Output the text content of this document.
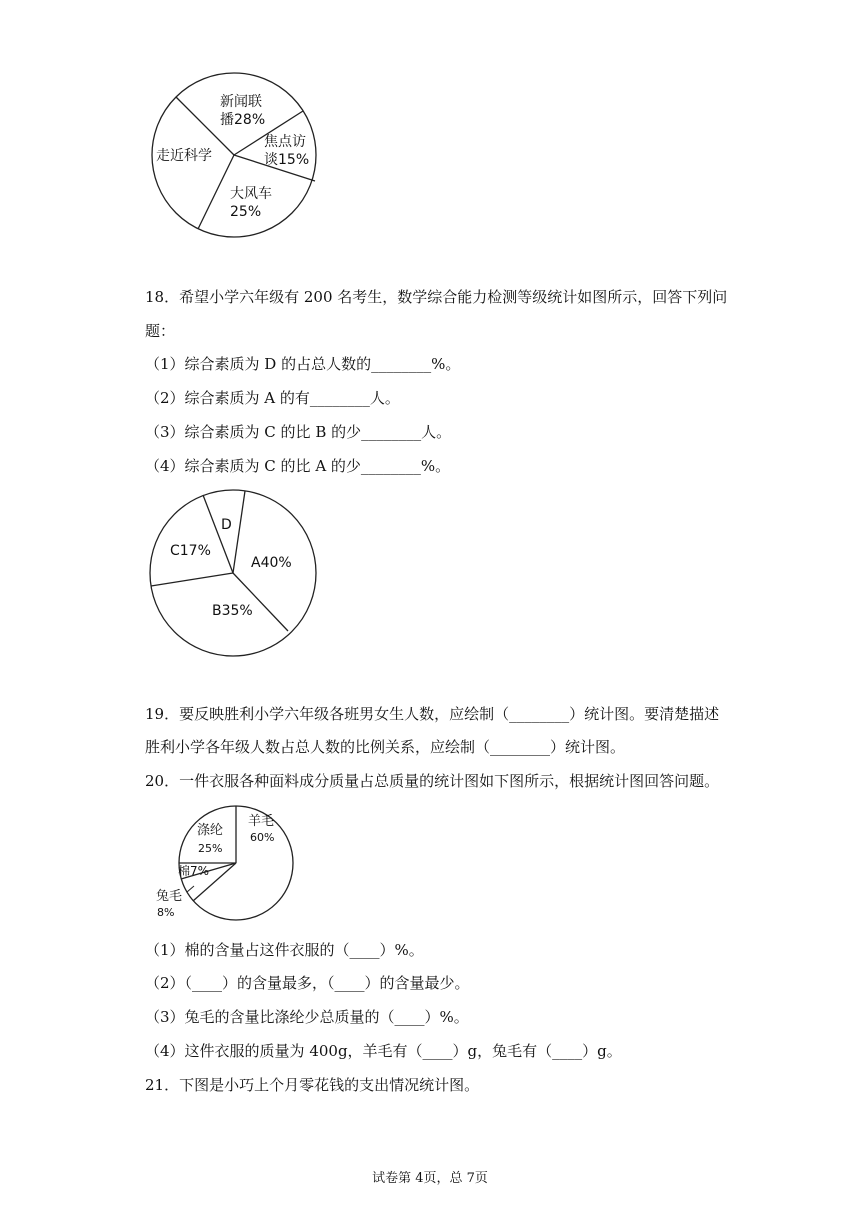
新闻联
播28%
焦点访
谈15%
大风车
25%
走近科学
18．希望小学六年级有 200 名考生，数学综合能力检测等级统计如图所示，回答下列问
题：
（1）综合素质为 D 的占总人数的________%。
（2）综合素质为 A 的有________人。
（3）综合素质为 C 的比 B 的少________人。
（4）综合素质为 C 的比 A 的少________%。
D
A40%
B35%
C17%
19．要反映胜利小学六年级各班男女生人数，应绘制（________）统计图。要清楚描述
胜利小学各年级人数占总人数的比例关系，应绘制（________）统计图。
20．一件衣服各种面料成分质量占总质量的统计图如下图所示，根据统计图回答问题。
羊毛
60%
兔毛
8%
棉7%
涤纶
25%
（1）棉的含量占这件衣服的（____）%。
（2）（____）的含量最多，（____）的含量最少。
（3）兔毛的含量比涤纶少总质量的（____）%。
（4）这件衣服的质量为 400g，羊毛有（____）g，兔毛有（____）g。
21．下图是小巧上个月零花钱的支出情况统计图。
试卷第 4页，总 7页
